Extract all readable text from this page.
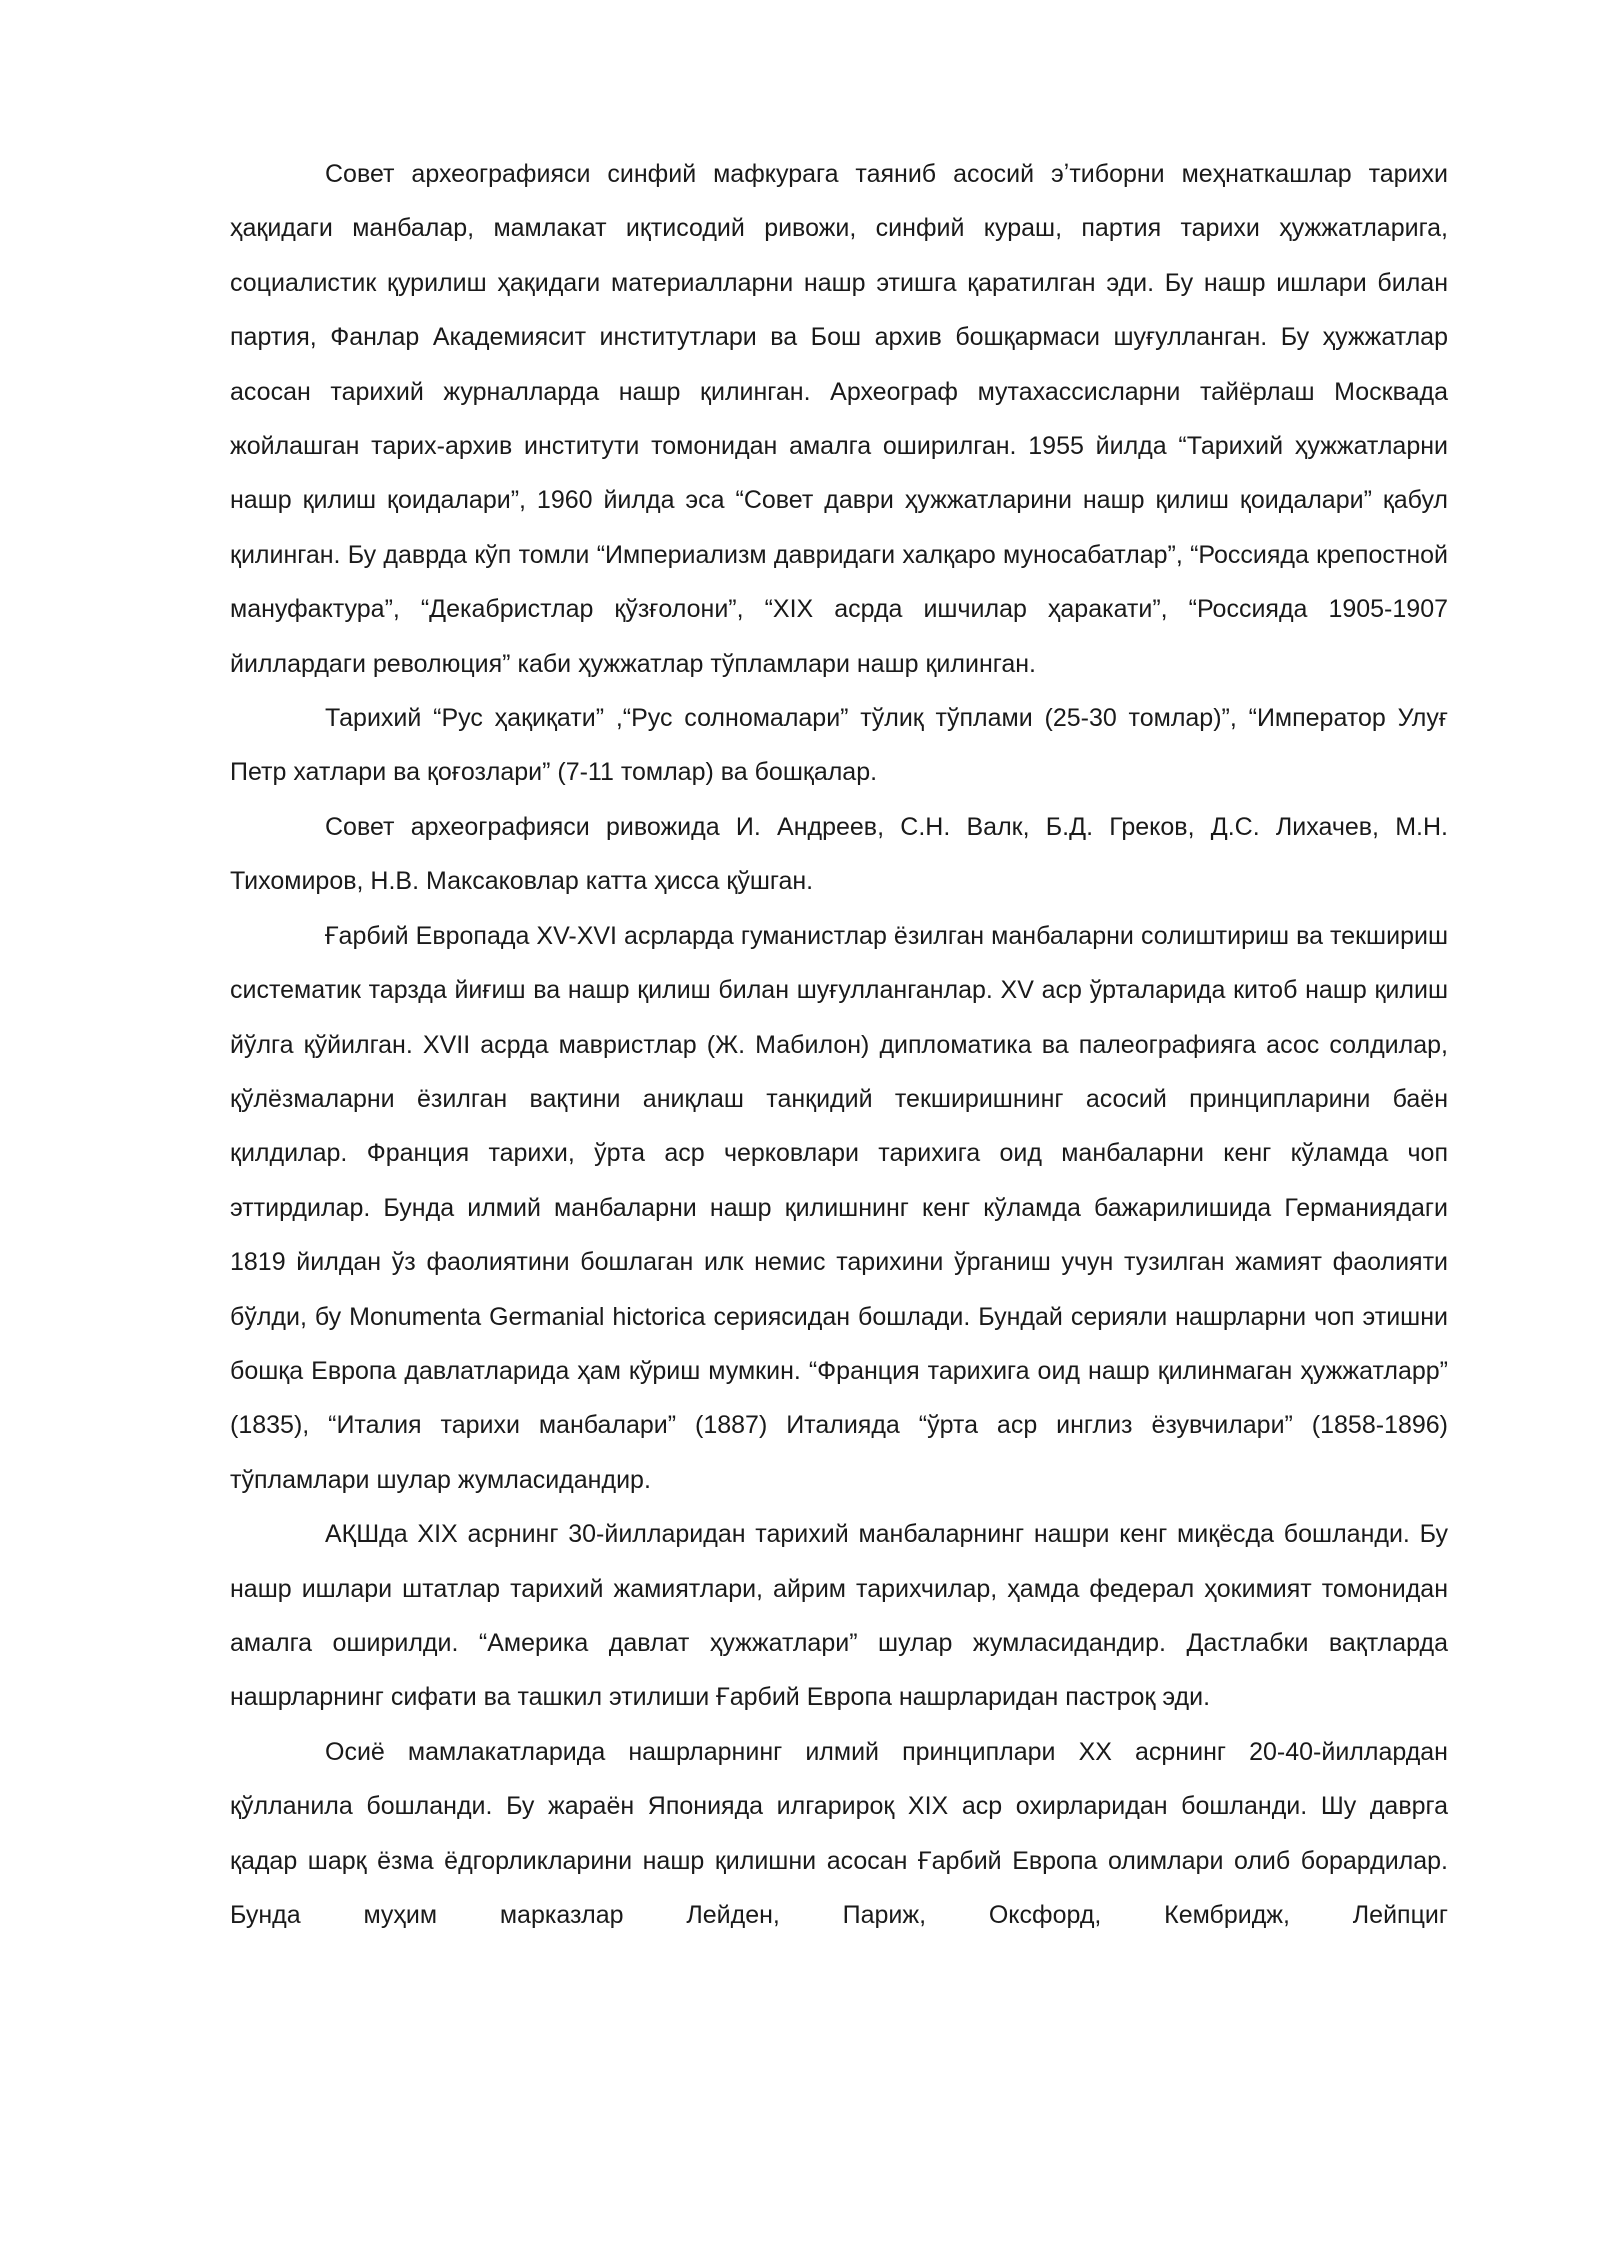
Совет археографияси синфий мафкурага таяниб асосий эʼтиборни меҳнаткашлар тарихи ҳақидаги манбалар, мамлакат иқтисодий ривожи, синфий кураш, партия тарихи ҳужжатларига, социалистик қурилиш ҳақидаги материалларни нашр этишга қаратилган эди. Бу нашр ишлари билан партия, Фанлар Академиясит институтлари ва Бош архив бошқармаси шуғулланган. Бу ҳужжатлар асосан тарихий журналларда нашр қилинган. Археограф мутахассисларни тайёрлаш Москвада жойлашган тарих-архив институти томонидан амалга оширилган. 1955 йилда “Тарихий ҳужжатларни нашр қилиш қоидалари”, 1960 йилда эса “Совет даври ҳужжатларини нашр қилиш қоидалари” қабул қилинган. Бу даврда кўп томли “Империализм давридаги халқаро муносабатлар”, “Россияда крепостной мануфактура”, “Декабристлар қўзғолони”, “XIX асрда ишчилар ҳаракати”, “Россияда 1905-1907 йиллардаги революция” каби ҳужжатлар тўпламлари нашр қилинган.

Тарихий “Рус ҳақиқати” ,“Рус солномалари” тўлиқ тўплами (25-30 томлар)”, “Император Улуғ Петр хатлари ва қоғозлари” (7-11 томлар) ва бошқалар.

Совет археографияси ривожида И. Андреев, С.Н. Валк, Б.Д. Греков, Д.С. Лихачев, М.Н. Тихомиров, Н.В. Максаковлар катта ҳисса қўшган.

Ғарбий Европада XV-XVI асрларда гуманистлар ёзилган манбаларни солиштириш ва текшириш систематик тарзда йиғиш ва нашр қилиш билан шуғулланганлар. XV аср ўрталарида китоб нашр қилиш йўлга қўйилган. XVII асрда мавристлар (Ж. Мабилон) дипломатика ва палеографияга асос солдилар, қўлёзмаларни ёзилган вақтини аниқлаш танқидий текширишнинг асосий принципларини баён қилдилар. Франция тарихи, ўрта аср черковлари тарихига оид манбаларни кенг кўламда чоп эттирдилар. Бунда илмий манбаларни нашр қилишнинг кенг кўламда бажарилишида Германиядаги 1819 йилдан ўз фаолиятини бошлаган илк немис тарихини ўрганиш учун тузилган жамият фаолияти бўлди, бу Monumenta Germanial hictorica сериясидан бошлади. Бундай серияли нашрларни чоп этишни бошқа Европа давлатларида ҳам кўриш мумкин. “Франция тарихига оид нашр қилинмаган ҳужжатларр” (1835), “Италия тарихи манбалари” (1887) Италияда “ўрта аср инглиз ёзувчилари” (1858-1896) тўпламлари шулар жумласидандир.

АҚШда XIX асрнинг 30-йилларидан тарихий манбаларнинг нашри кенг миқёсда бошланди. Бу нашр ишлари штатлар тарихий жамиятлари, айрим тарихчилар, ҳамда федерал ҳокимият томонидан амалга оширилди. “Америка давлат ҳужжатлари” шулар жумласидандир. Дастлабки вақтларда нашрларнинг сифати ва ташкил этилиши Ғарбий Европа нашрларидан пастроқ эди.

Осиё мамлакатларида нашрларнинг илмий принциплари XX асрнинг 20-40-йиллардан қўлланила бошланди. Бу жараён Японияда илгарироқ XIX аср охирларидан бошланди. Шу даврга қадар шарқ ёзма ёдгорликларини нашр қилишни асосан Ғарбий Европа олимлари олиб борардилар. Бунда муҳим марказлар Лейден, Париж, Оксфорд, Кембридж, Лейпциг
